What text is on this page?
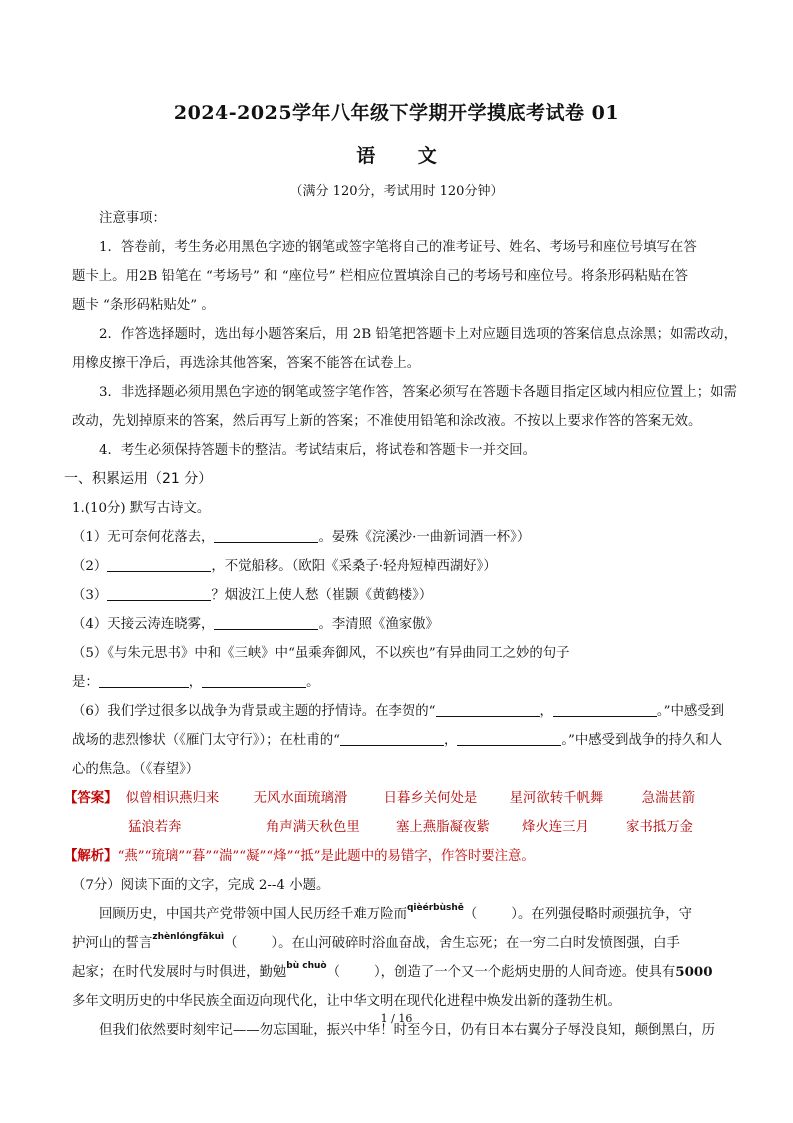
2024-2025学年八年级下学期开学摸底考试卷 01
语 文
（满分 120分，考试用时 120分钟）
注意事项：
1．答卷前，考生务必用黑色字迹的钢笔或签字笔将自己的准考证号、姓名、考场号和座位号填写在答
题卡上。用2B 铅笔在 “考场号” 和 “座位号” 栏相应位置填涂自己的考场号和座位号。将条形码粘贴在答
题卡 “条形码粘贴处” 。
2．作答选择题时，选出每小题答案后，用 2B 铅笔把答题卡上对应题目选项的答案信息点涂黑；如需改动，
用橡皮擦干净后，再选涂其他答案，答案不能答在试卷上。
3．非选择题必须用黑色字迹的钢笔或签字笔作答，答案必须写在答题卡各题目指定区域内相应位置上；如需
改动，先划掉原来的答案，然后再写上新的答案；不准使用铅笔和涂改液。不按以上要求作答的答案无效。
4．考生必须保持答题卡的整洁。考试结束后，将试卷和答题卡一并交回。
一、积累运用（21 分）
1.(10分) 默写古诗文。
（1）无可奈何花落去，	。晏殊《浣溪沙·一曲新词酒一杯》）
（2）	，不觉船移。（欧阳《采桑子·轻舟短棹西湖好》）
（3）	？烟波江上使人愁（崔颢《黄鹤楼》）
（4）天接云涛连晓雾，	。李清照《渔家傲》
（5）《与朱元思书》中和《三峡》中“虽乘奔御风，不以疾也”有异曲同工之妙的句子
是：	，	。
（6）我们学过很多以战争为背景或主题的抒情诗。在李贺的“	，	。”中感受到
战场的悲烈惨状（《雁门太守行》）；在杜甫的“	，	。”中感受到战争的持久和人
心的焦急。（《春望》）
【答案】 似曾相识燕归来	无风水面琉璃滑	日暮乡关何处是 星河欲转千帆舞	急湍甚箭
猛浪若奔	角声满天秋色里	塞上燕脂凝夜紫 烽火连三月	家书抵万金
【解析】“燕”“琉璃”“暮”“湍”“凝”“烽”“抵”是此题中的易错字，作答时要注意。
（7分）阅读下面的文字，完成 2--4 小题。
回顾历史，中国共产党带领中国人民历经千难万险而$^{qièérbùshě}$（	）。在列强侵略时顽强抗争，守
护河山的誓言$^{zhènlóngfākuì}$（	）。在山河破碎时浴血奋战，舍生忘死；在一穷二白时发愤图强，白手
起家；在时代发展时与时俱进，勤勉$^{bù chuò}$（	），创造了一个又一个彪炳史册的人间奇迹。使具有5000
多年文明历史的中华民族全面迈向现代化，让中华文明在现代化进程中焕发出新的蓬勃生机。
但我们依然要时刻牢记——勿忘国耻，振兴中华！时至今日，仍有日本右翼分子辱没良知，颠倒黑白，历
1 / 16
